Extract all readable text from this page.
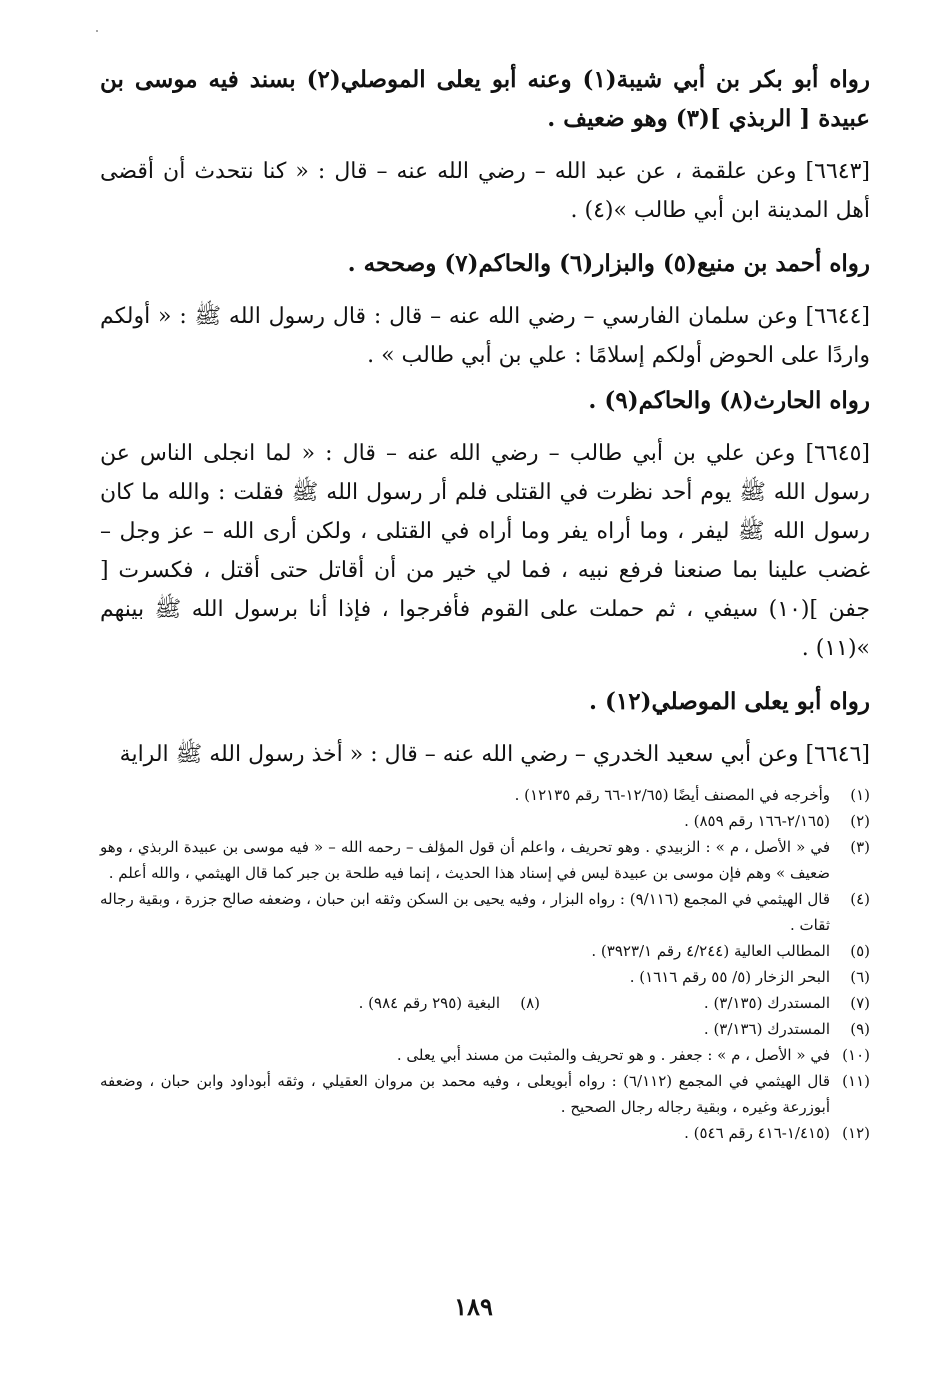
رواه أبو بكر بن أبي شيبة(١) وعنه أبو يعلى الموصلي(٢) بسند فيه موسى بن عبيدة [ الربذي ](٣) وهو ضعيف .

[٦٦٤٣] وعن علقمة ، عن عبد الله – رضي الله عنه – قال : « كنا نتحدث أن أقضى أهل المدينة ابن أبي طالب »(٤) .

رواه أحمد بن منيع(٥) والبزار(٦) والحاكم(٧) وصححه .

[٦٦٤٤] وعن سلمان الفارسي – رضي الله عنه – قال : قال رسول الله ﷺ : « أولكم واردًا على الحوض أولكم إسلامًا : علي بن أبي طالب » .

رواه الحارث(٨) والحاكم(٩) .

[٦٦٤٥] وعن علي بن أبي طالب – رضي الله عنه – قال : « لما انجلى الناس عن رسول الله ﷺ يوم أحد نظرت في القتلى فلم أر رسول الله ﷺ فقلت : والله ما كان رسول الله ﷺ ليفر ، وما أراه يفر وما أراه في القتلى ، ولكن أرى الله – عز وجل – غضب علينا بما صنعنا فرفع نبيه ، فما لي خير من أن أقاتل حتى أقتل ، فكسرت [ جفن ](١٠) سيفي ، ثم حملت على القوم فأفرجوا ، فإذا أنا برسول الله ﷺ بينهم »(١١) .

رواه أبو يعلى الموصلي(١٢) .

[٦٦٤٦] وعن أبي سعيد الخدري – رضي الله عنه – قال : « أخذ رسول الله ﷺ الراية

(١)
وأخرجه في المصنف أيضًا (١٢/٦٥-٦٦ رقم ١٢١٣٥) .
(٢)
(٢/١٦٥-١٦٦ رقم ٨٥٩) .
(٣)
في « الأصل ، م » : الزبيدي . وهو تحريف ، واعلم أن قول المؤلف – رحمه الله – « فيه موسى بن عبيدة الربذي ، وهو ضعيف » وهم فإن موسى بن عبيدة ليس في إسناد هذا الحديث ، إنما فيه طلحة بن جبر كما قال الهيثمي ، والله أعلم .
(٤)
قال الهيثمي في المجمع (٩/١١٦) : رواه البزار ، وفيه يحيى بن السكن وثقه ابن حبان ، وضعفه صالح جزرة ، وبقية رجاله ثقات .
(٥)
المطالب العالية (٤/٢٤٤ رقم ٣٩٢٣/١) .
(٦)
البحر الزخار (٥/ ٥٥ رقم ١٦١٦) .
(٧)
المستدرك (٣/١٣٥) .
(٨)
البغية (٢٩٥ رقم ٩٨٤) .
(٩)
المستدرك (٣/١٣٦) .
(١٠)
في « الأصل ، م » : جعفر . و هو تحريف والمثبت من مسند أبي يعلى .
(١١)
قال الهيثمي في المجمع (٦/١١٢) : رواه أبويعلى ، وفيه محمد بن مروان العقيلي ، وثقه أبوداود وابن حبان ، وضعفه أبوزرعة وغيره ، وبقية رجاله رجال الصحيح .
(١٢)
(١/٤١٥-٤١٦ رقم ٥٤٦) .
١٨٩
